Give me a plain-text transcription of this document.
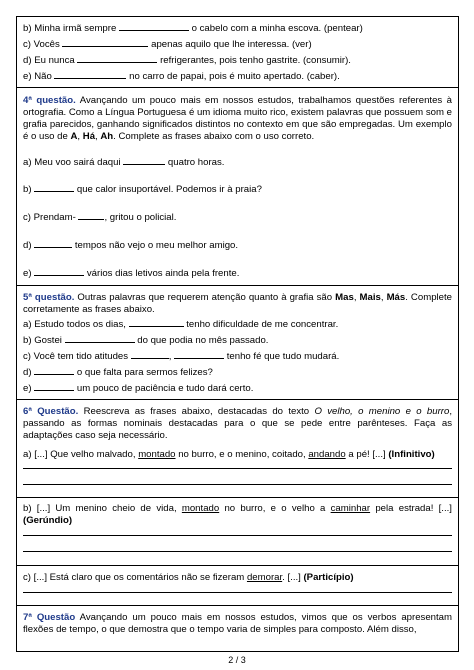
b) Minha irmã sempre	o cabelo com a minha escova. (pentear)
c) Vocês	apenas aquilo que lhe interessa. (ver)
d) Eu nunca	refrigerantes, pois tenho gastrite. (consumir).
e) Não	no carro de papai, pois é muito apertado. (caber).
4ª questão. Avançando um pouco mais em nossos estudos, trabalhamos questões referentes à ortografia. Como a Língua Portuguesa é um idioma muito rico, existem palavras que possuem som e grafia parecidos, ganhando significados distintos no contexto em que são empregadas. Um exemplo é o uso de A, Há, Ah. Complete as frases abaixo com o uso correto.
a) Meu voo sairá daqui	quatro horas.
b)	que calor insuportável. Podemos ir à praia?
c) Prendam-	, gritou o policial.
d)	tempos não vejo o meu melhor amigo.
e)	vários dias letivos ainda pela frente.
5ª questão. Outras palavras que requerem atenção quanto à grafia são Mas, Mais, Más. Complete corretamente as frases abaixo.
a) Estudo todos os dias,	tenho dificuldade de me concentrar.
b) Gostei	do que podia no mês passado.
c) Você tem tido atitudes	,	tenho fé que tudo mudará.
d)	o que falta para sermos felizes?
e)	um pouco de paciência e tudo dará certo.
6ª Questão. Reescreva as frases abaixo, destacadas do texto O velho, o menino e o burro, passando as formas nominais destacadas para o que se pede entre parênteses. Faça as adaptações caso seja necessário.
a) [...] Que velho malvado, montado no burro, e o menino, coitado, andando a pé! [...] (Infinitivo)
b) [...] Um menino cheio de vida, montado no burro, e o velho a caminhar pela estrada! [...] (Gerúndio)
c) [...] Está claro que os comentários não se fizeram demorar. [...] (Particípio)
7ª Questão Avançando um pouco mais em nossos estudos, vimos que os verbos apresentam flexões de tempo, o que demostra que o tempo varia de simples para composto. Além disso,
2 / 3
